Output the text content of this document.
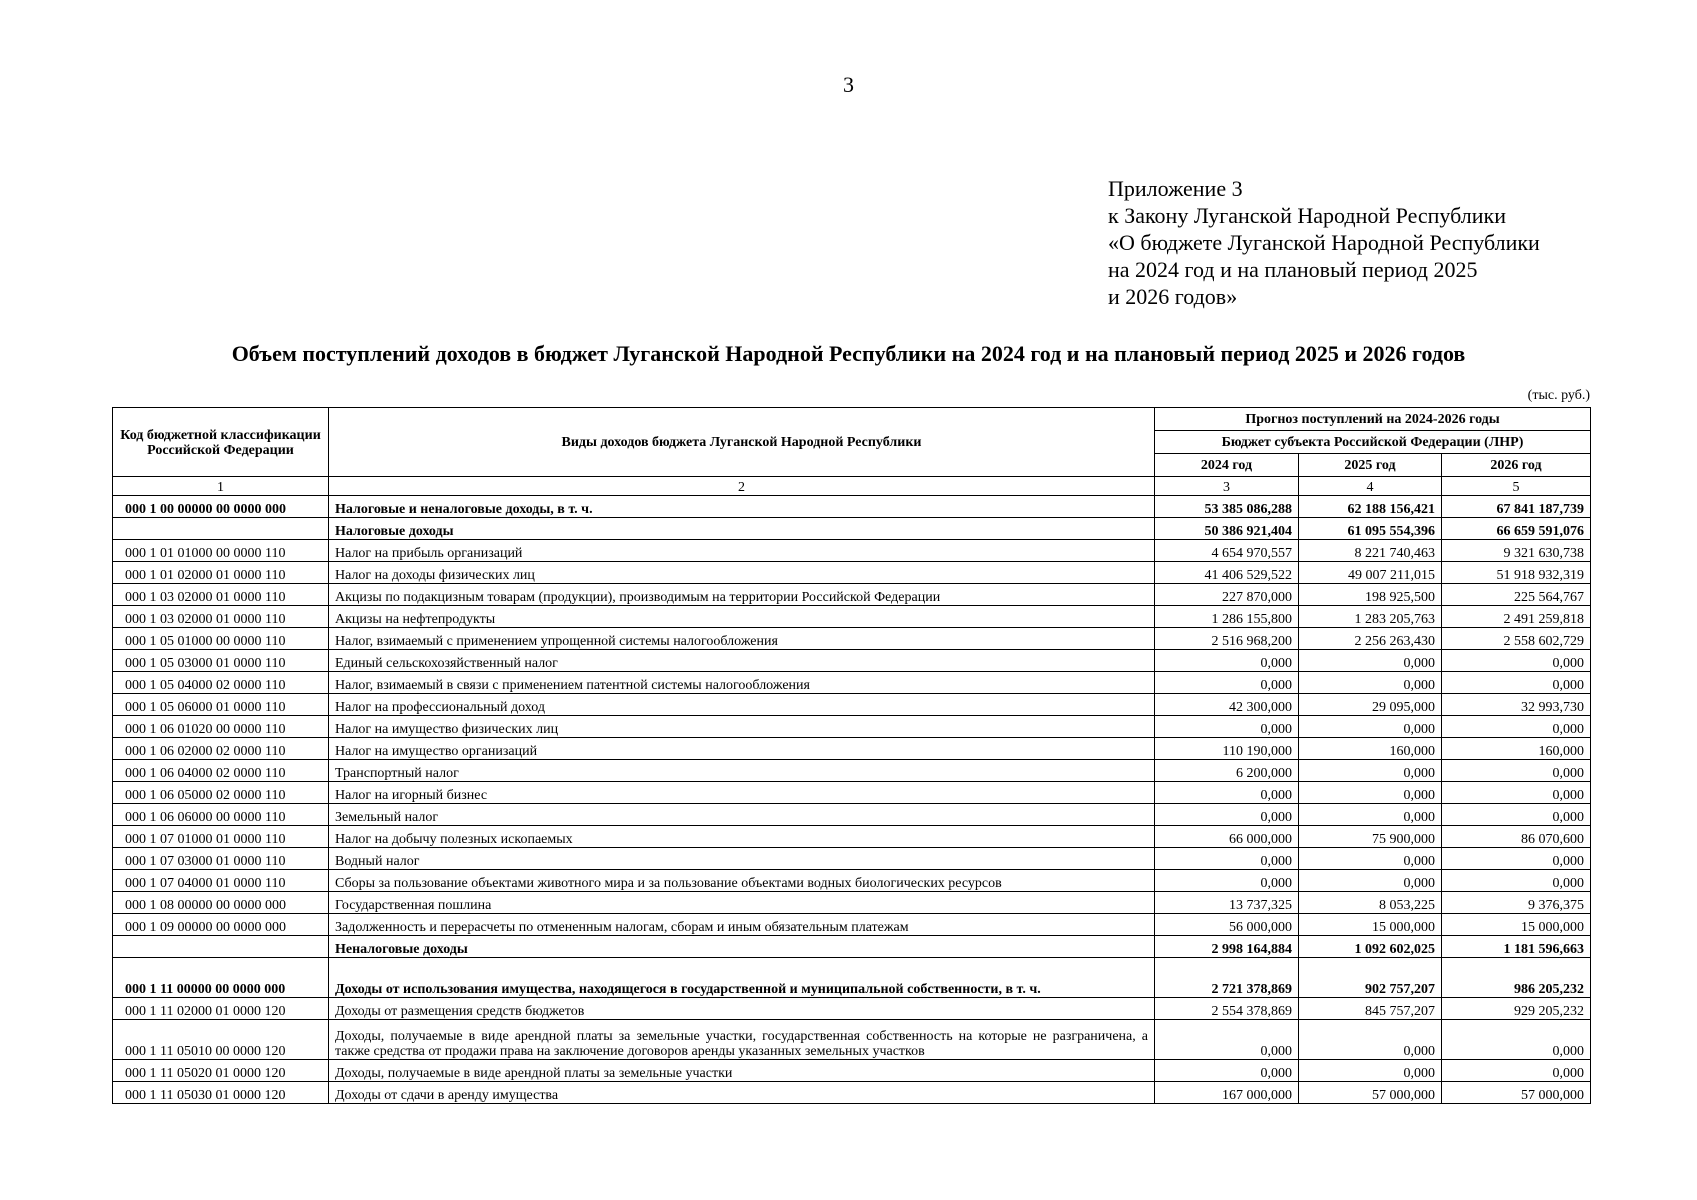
3
Приложение 3
к Закону Луганской Народной Республики
«О бюджете Луганской Народной Республики
на 2024 год и на плановый период 2025
и 2026 годов»
Объем поступлений доходов в бюджет Луганской Народной Республики на 2024 год и на плановый период 2025 и 2026 годов
(тыс. руб.)
Код бюджетной классификации Российской Федерации	Виды доходов бюджета Луганской Народной Республики	Прогноз поступлений на 2024-2026 годы		
		Бюджет субъекта Российской Федерации (ЛНР)		
		2024 год	2025 год	2026 год
1	2	3	4	5
000 1 00 00000 00 0000 000	Налоговые и неналоговые доходы, в т. ч.	53 385 086,288	62 188 156,421	67 841 187,739
	Налоговые доходы	50 386 921,404	61 095 554,396	66 659 591,076
000 1 01 01000 00 0000 110	Налог на прибыль организаций	4 654 970,557	8 221 740,463	9 321 630,738
000 1 01 02000 01 0000 110	Налог на доходы физических лиц	41 406 529,522	49 007 211,015	51 918 932,319
000 1 03 02000 01 0000 110	Акцизы по подакцизным товарам (продукции), производимым на территории Российской Федерации	227 870,000	198 925,500	225 564,767
000 1 03 02000 01 0000 110	Акцизы на нефтепродукты	1 286 155,800	1 283 205,763	2 491 259,818
000 1 05 01000 00 0000 110	Налог, взимаемый с применением упрощенной системы налогообложения	2 516 968,200	2 256 263,430	2 558 602,729
000 1 05 03000 01 0000 110	Единый сельскохозяйственный налог	0,000	0,000	0,000
000 1 05 04000 02 0000 110	Налог, взимаемый в связи с применением патентной системы налогообложения	0,000	0,000	0,000
000 1 05 06000 01 0000 110	Налог на профессиональный доход	42 300,000	29 095,000	32 993,730
000 1 06 01020 00 0000 110	Налог на имущество физических лиц	0,000	0,000	0,000
000 1 06 02000 02 0000 110	Налог на имущество организаций	110 190,000	160,000	160,000
000 1 06 04000 02 0000 110	Транспортный налог	6 200,000	0,000	0,000
000 1 06 05000 02 0000 110	Налог на игорный бизнес	0,000	0,000	0,000
000 1 06 06000 00 0000 110	Земельный налог	0,000	0,000	0,000
000 1 07 01000 01 0000 110	Налог на добычу полезных ископаемых	66 000,000	75 900,000	86 070,600
000 1 07 03000 01 0000 110	Водный налог	0,000	0,000	0,000
000 1 07 04000 01 0000 110	Сборы за пользование объектами животного мира и за пользование объектами водных биологических ресурсов	0,000	0,000	0,000
000 1 08 00000 00 0000 000	Государственная пошлина	13 737,325	8 053,225	9 376,375
000 1 09 00000 00 0000 000	Задолженность и перерасчеты по отмененным налогам, сборам и иным обязательным платежам	56 000,000	15 000,000	15 000,000
	Неналоговые доходы	2 998 164,884	1 092 602,025	1 181 596,663
000 1 11 00000 00 0000 000	Доходы от использования имущества, находящегося в государственной и муниципальной собственности, в т. ч.	2 721 378,869	902 757,207	986 205,232
000 1 11 02000 01 0000 120	Доходы от размещения средств бюджетов	2 554 378,869	845 757,207	929 205,232
000 1 11 05010 00 0000 120	Доходы, получаемые в виде арендной платы за земельные участки, государственная собственность на которые не разграничена, а также средства от продажи права на заключение договоров аренды указанных земельных участков	0,000	0,000	0,000
000 1 11 05020 01 0000 120	Доходы, получаемые в виде арендной платы за земельные участки	0,000	0,000	0,000
000 1 11 05030 01 0000 120	Доходы от сдачи в аренду имущества	167 000,000	57 000,000	57 000,000
